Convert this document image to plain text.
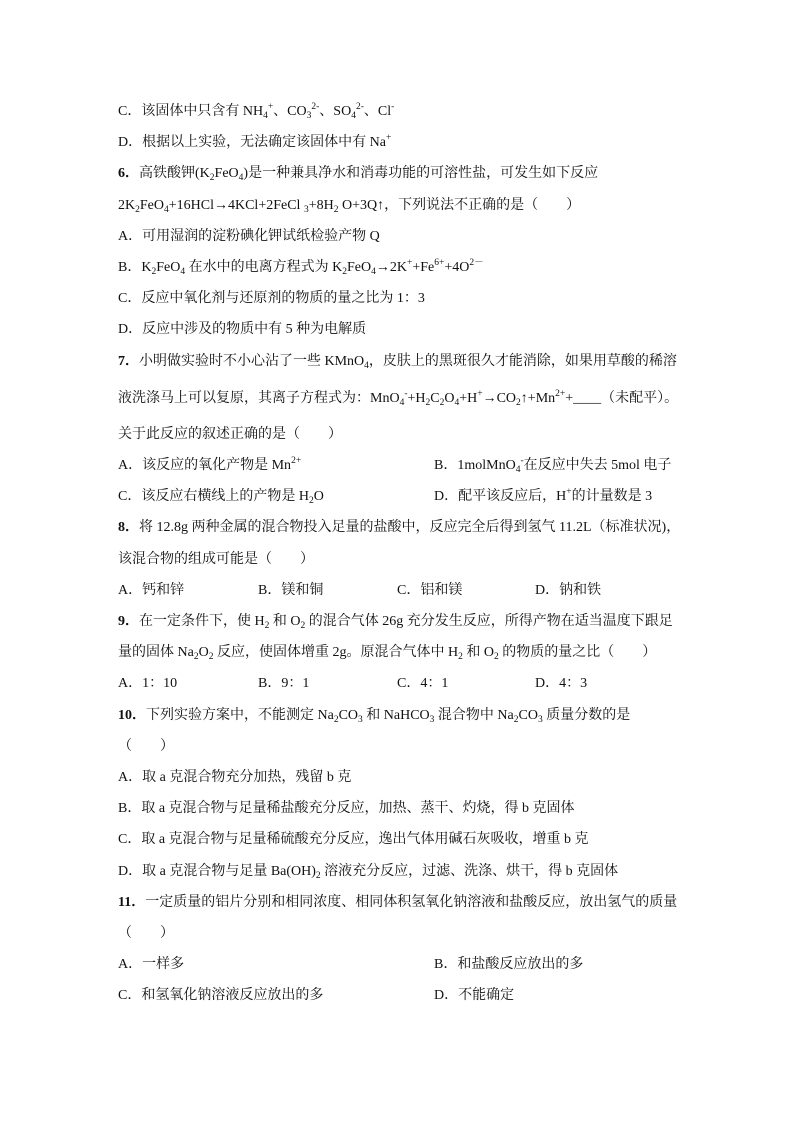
C．该固体中只含有 $NH_4^+$、$CO_3^{2-}$、$SO_4^{2-}$、Cl-
D．根据以上实验，无法确定该固体中有 Na+
6．高铁酸钾$(K_2FeO_4)$是一种兼具净水和消毒功能的可溶性盐，可发生如下反应
$2K_2FeO_4+16HCl\to 4KCl+2FeCl$ $_3+8H_2$ O+3Q↑，下列说法不正确的是（　　）
A．可用湿润的淀粉碘化钾试纸检验产物 Q
B．$K_2FeO_4$ 在水中的电离方程式为 $K_2FeO_4\to 2K^++Fe^{6+}+4O^{2-}$
C．反应中氧化剂与还原剂的物质的量之比为 1：3
D．反应中涉及的物质中有 5 种为电解质
7．小明做实验时不小心沾了一些 KMnO$_4$，皮肤上的黑斑很久才能消除，如果用草酸的稀溶
液洗涤马上可以复原，其离子方程式为：$MnO_4^-+H_2C_2O_4+H^+\to CO_2↑+Mn^{2+}+\_\_\_\_$（未配平）。
关于此反应的叙述正确的是（　　）
A．该反应的氧化产物是 $Mn^{2+}$	B．1molMnO$_4$-在反应中失去 5mol 电子
C．该反应右横线上的产物是 $H_2O$	D．配平该反应后，H+的计量数是 3
8．将 12.8g 两种金属的混合物投入足量的盐酸中，反应完全后得到氢气 11.2L（标准状况)，
该混合物的组成可能是（　　）
A．钙和锌	B．镁和铜	C．铝和镁	D．钠和铁
9．在一定条件下，使 $H_2$ 和 $O_2$ 的混合气体 26g 充分发生反应，所得产物在适当温度下跟足
量的固体 $Na_2O_2$ 反应，使固体增重 2g。原混合气体中 $H_2$ 和 $O_2$ 的物质的量之比（　　）
A．1：10	B．9：1	C．4：1	D．4：3
10．下列实验方案中，不能测定 $Na_2CO_3$ 和 NaHCO$_3$ 混合物中 $Na_2CO_3$ 质量分数的是
（　　）
A．取 a 克混合物充分加热，残留 b 克
B．取 a 克混合物与足量稀盐酸充分反应，加热、蒸干、灼烧，得 b 克固体
C．取 a 克混合物与足量稀硫酸充分反应，逸出气体用碱石灰吸收，增重 b 克
D．取 a 克混合物与足量 $Ba(OH)_2$ 溶液充分反应，过滤、洗涤、烘干，得 b 克固体
11．一定质量的铝片分别和相同浓度、相同体积氢氧化钠溶液和盐酸反应，放出氢气的质量
（　　）
A．一样多	B．和盐酸反应放出的多
C．和氢氧化钠溶液反应放出的多	D．不能确定
